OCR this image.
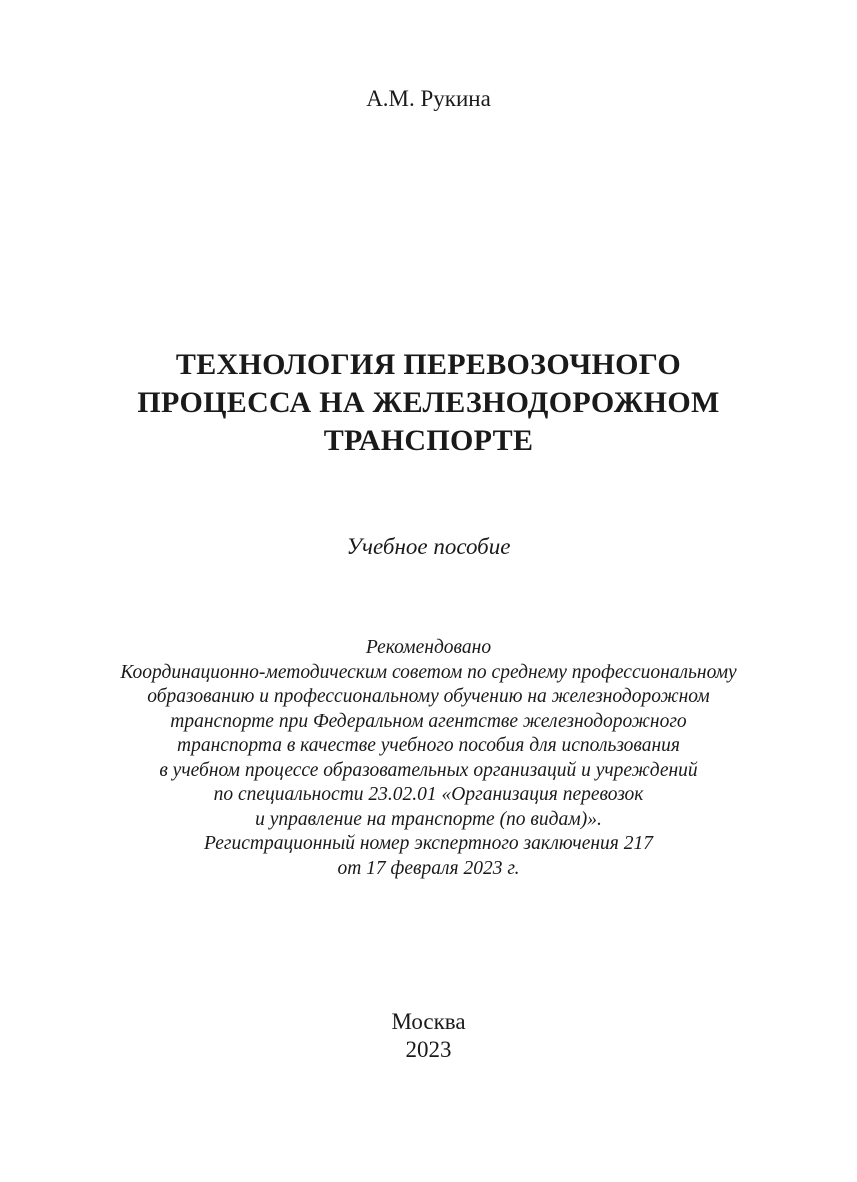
А.М. Рукина
ТЕХНОЛОГИЯ ПЕРЕВОЗОЧНОГО
ПРОЦЕССА НА ЖЕЛЕЗНОДОРОЖНОМ
ТРАНСПОРТЕ
Учебное пособие
Рекомендовано
Координационно-методическим советом по среднему профессиональному
образованию и профессиональному обучению на железнодорожном
транспорте при Федеральном агентстве железнодорожного
транспорта в качестве учебного пособия для использования
в учебном процессе образовательных организаций и учреждений
по специальности 23.02.01 «Организация перевозок
и управление на транспорте (по видам)».
Регистрационный номер экспертного заключения 217
от 17 февраля 2023 г.
Москва
2023
